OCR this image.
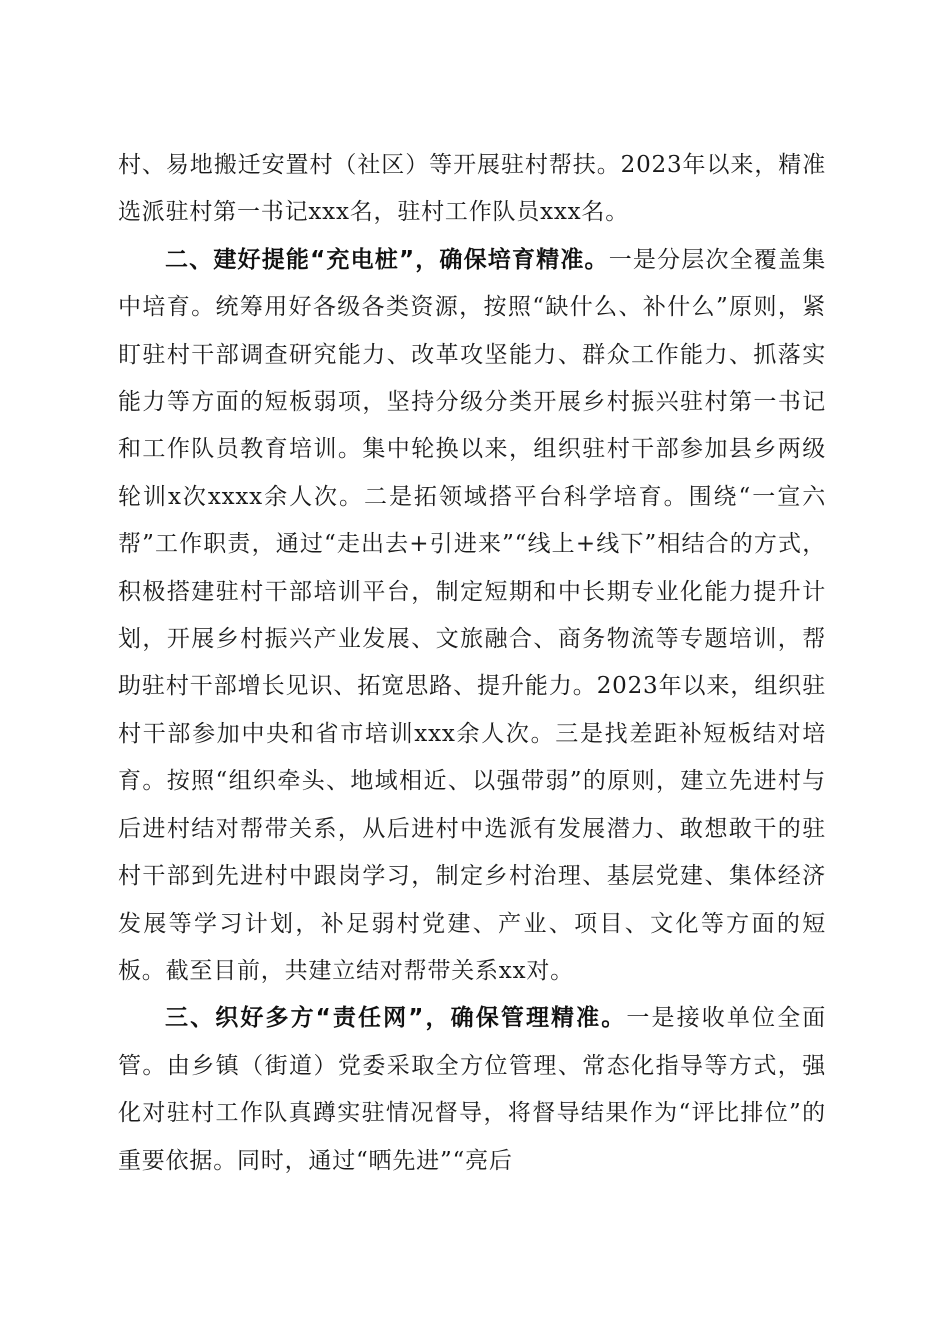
村、易地搬迁安置村（社区）等开展驻村帮扶。2023年以来，精准选派驻村第一书记xxx名，驻村工作队员xxx名。

二、建好提能“充电桩”，确保培育精准。一是分层次全覆盖集中培育。统筹用好各级各类资源，按照“缺什么、补什么”原则，紧盯驻村干部调查研究能力、改革攻坚能力、群众工作能力、抓落实能力等方面的短板弱项，坚持分级分类开展乡村振兴驻村第一书记和工作队员教育培训。集中轮换以来，组织驻村干部参加县乡两级轮训x次xxxx余人次。二是拓领域搭平台科学培育。围绕“一宣六帮”工作职责，通过“走出去+引进来”“线上+线下”相结合的方式，积极搭建驻村干部培训平台，制定短期和中长期专业化能力提升计划，开展乡村振兴产业发展、文旅融合、商务物流等专题培训，帮助驻村干部增长见识、拓宽思路、提升能力。2023年以来，组织驻村干部参加中央和省市培训xxx余人次。三是找差距补短板结对培育。按照“组织牵头、地域相近、以强带弱”的原则，建立先进村与后进村结对帮带关系，从后进村中选派有发展潜力、敢想敢干的驻村干部到先进村中跟岗学习，制定乡村治理、基层党建、集体经济发展等学习计划，补足弱村党建、产业、项目、文化等方面的短板。截至目前，共建立结对帮带关系xx对。

三、织好多方“责任网”，确保管理精准。一是接收单位全面管。由乡镇（街道）党委采取全方位管理、常态化指导等方式，强化对驻村工作队真蹲实驻情况督导，将督导结果作为“评比排位”的重要依据。同时，通过“晒先进”“亮后
